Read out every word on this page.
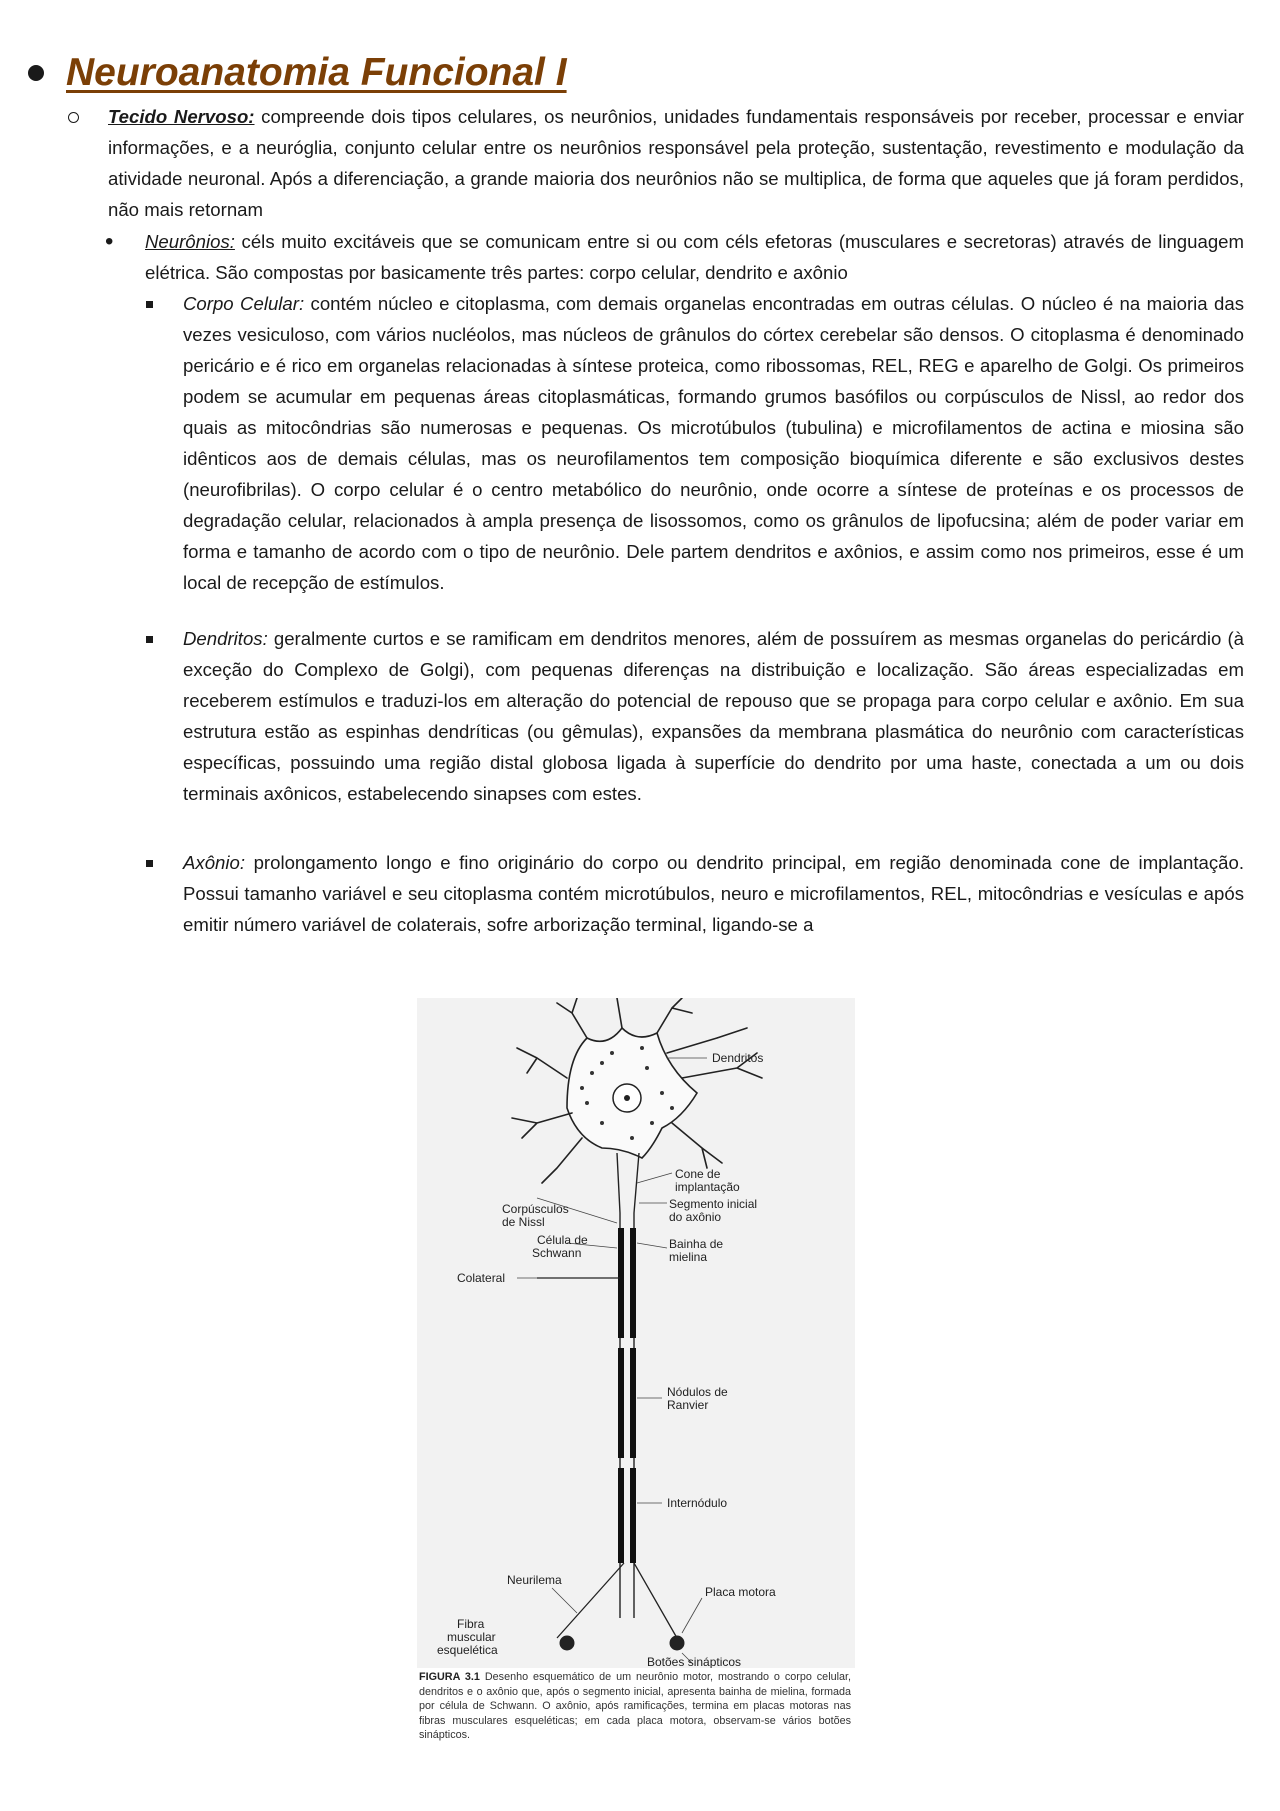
Neuroanatomia Funcional I
Tecido Nervoso: compreende dois tipos celulares, os neurônios, unidades fundamentais responsáveis por receber, processar e enviar informações, e a neuróglia, conjunto celular entre os neurônios responsável pela proteção, sustentação, revestimento e modulação da atividade neuronal. Após a diferenciação, a grande maioria dos neurônios não se multiplica, de forma que aqueles que já foram perdidos, não mais retornam
• Neurônios: céls muito excitáveis que se comunicam entre si ou com céls efetoras (musculares e secretoras) através de linguagem elétrica. São compostas por basicamente três partes: corpo celular, dendrito e axônio
Corpo Celular: contém núcleo e citoplasma, com demais organelas encontradas em outras células. O núcleo é na maioria das vezes vesiculoso, com vários nucléolos, mas núcleos de grânulos do córtex cerebelar são densos. O citoplasma é denominado pericário e é rico em organelas relacionadas à síntese proteica, como ribossomas, REL, REG e aparelho de Golgi. Os primeiros podem se acumular em pequenas áreas citoplasmáticas, formando grumos basófilos ou corpúsculos de Nissl, ao redor dos quais as mitocôndrias são numerosas e pequenas. Os microtúbulos (tubulina) e microfilamentos de actina e miosina são idênticos aos de demais células, mas os neurofilamentos tem composição bioquímica diferente e são exclusivos destes (neurofibrilas). O corpo celular é o centro metabólico do neurônio, onde ocorre a síntese de proteínas e os processos de degradação celular, relacionados à ampla presença de lisossomos, como os grânulos de lipofucsina; além de poder variar em forma e tamanho de acordo com o tipo de neurônio. Dele partem dendritos e axônios, e assim como nos primeiros, esse é um local de recepção de estímulos.
Dendritos: geralmente curtos e se ramificam em dendritos menores, além de possuírem as mesmas organelas do pericárdio (à exceção do Complexo de Golgi), com pequenas diferenças na distribuição e localização. São áreas especializadas em receberem estímulos e traduzi-los em alteração do potencial de repouso que se propaga para corpo celular e axônio. Em sua estrutura estão as espinhas dendríticas (ou gêmulas), expansões da membrana plasmática do neurônio com características específicas, possuindo uma região distal globosa ligada à superfície do dendrito por uma haste, conectada a um ou dois terminais axônicos, estabelecendo sinapses com estes.
Axônio: prolongamento longo e fino originário do corpo ou dendrito principal, em região denominada cone de implantação. Possui tamanho variável e seu citoplasma contém microtúbulos, neuro e microfilamentos, REL, mitocôndrias e vesículas e após emitir número variável de colaterais, sofre arborização terminal, ligando-se a
Dendritos
Cone de
implantação
Segmento inicial
do axônio
Corpúsculos
de Nissl
Célula de
Schwann
Bainha de
mielina
Colateral
Nódulos de
Ranvier
Internódulo
Neurilema
Placa motora
Fibra
muscular
esquelética
Botões sinápticos
FIGURA 3.1 Desenho esquemático de um neurônio motor, mostrando o corpo celular, dendritos e o axônio que, após o segmento inicial, apresenta bainha de mielina, formada por célula de Schwann. O axônio, após ramificações, termina em placas motoras nas fibras musculares esqueléticas; em cada placa motora, observam-se vários botões sinápticos.
